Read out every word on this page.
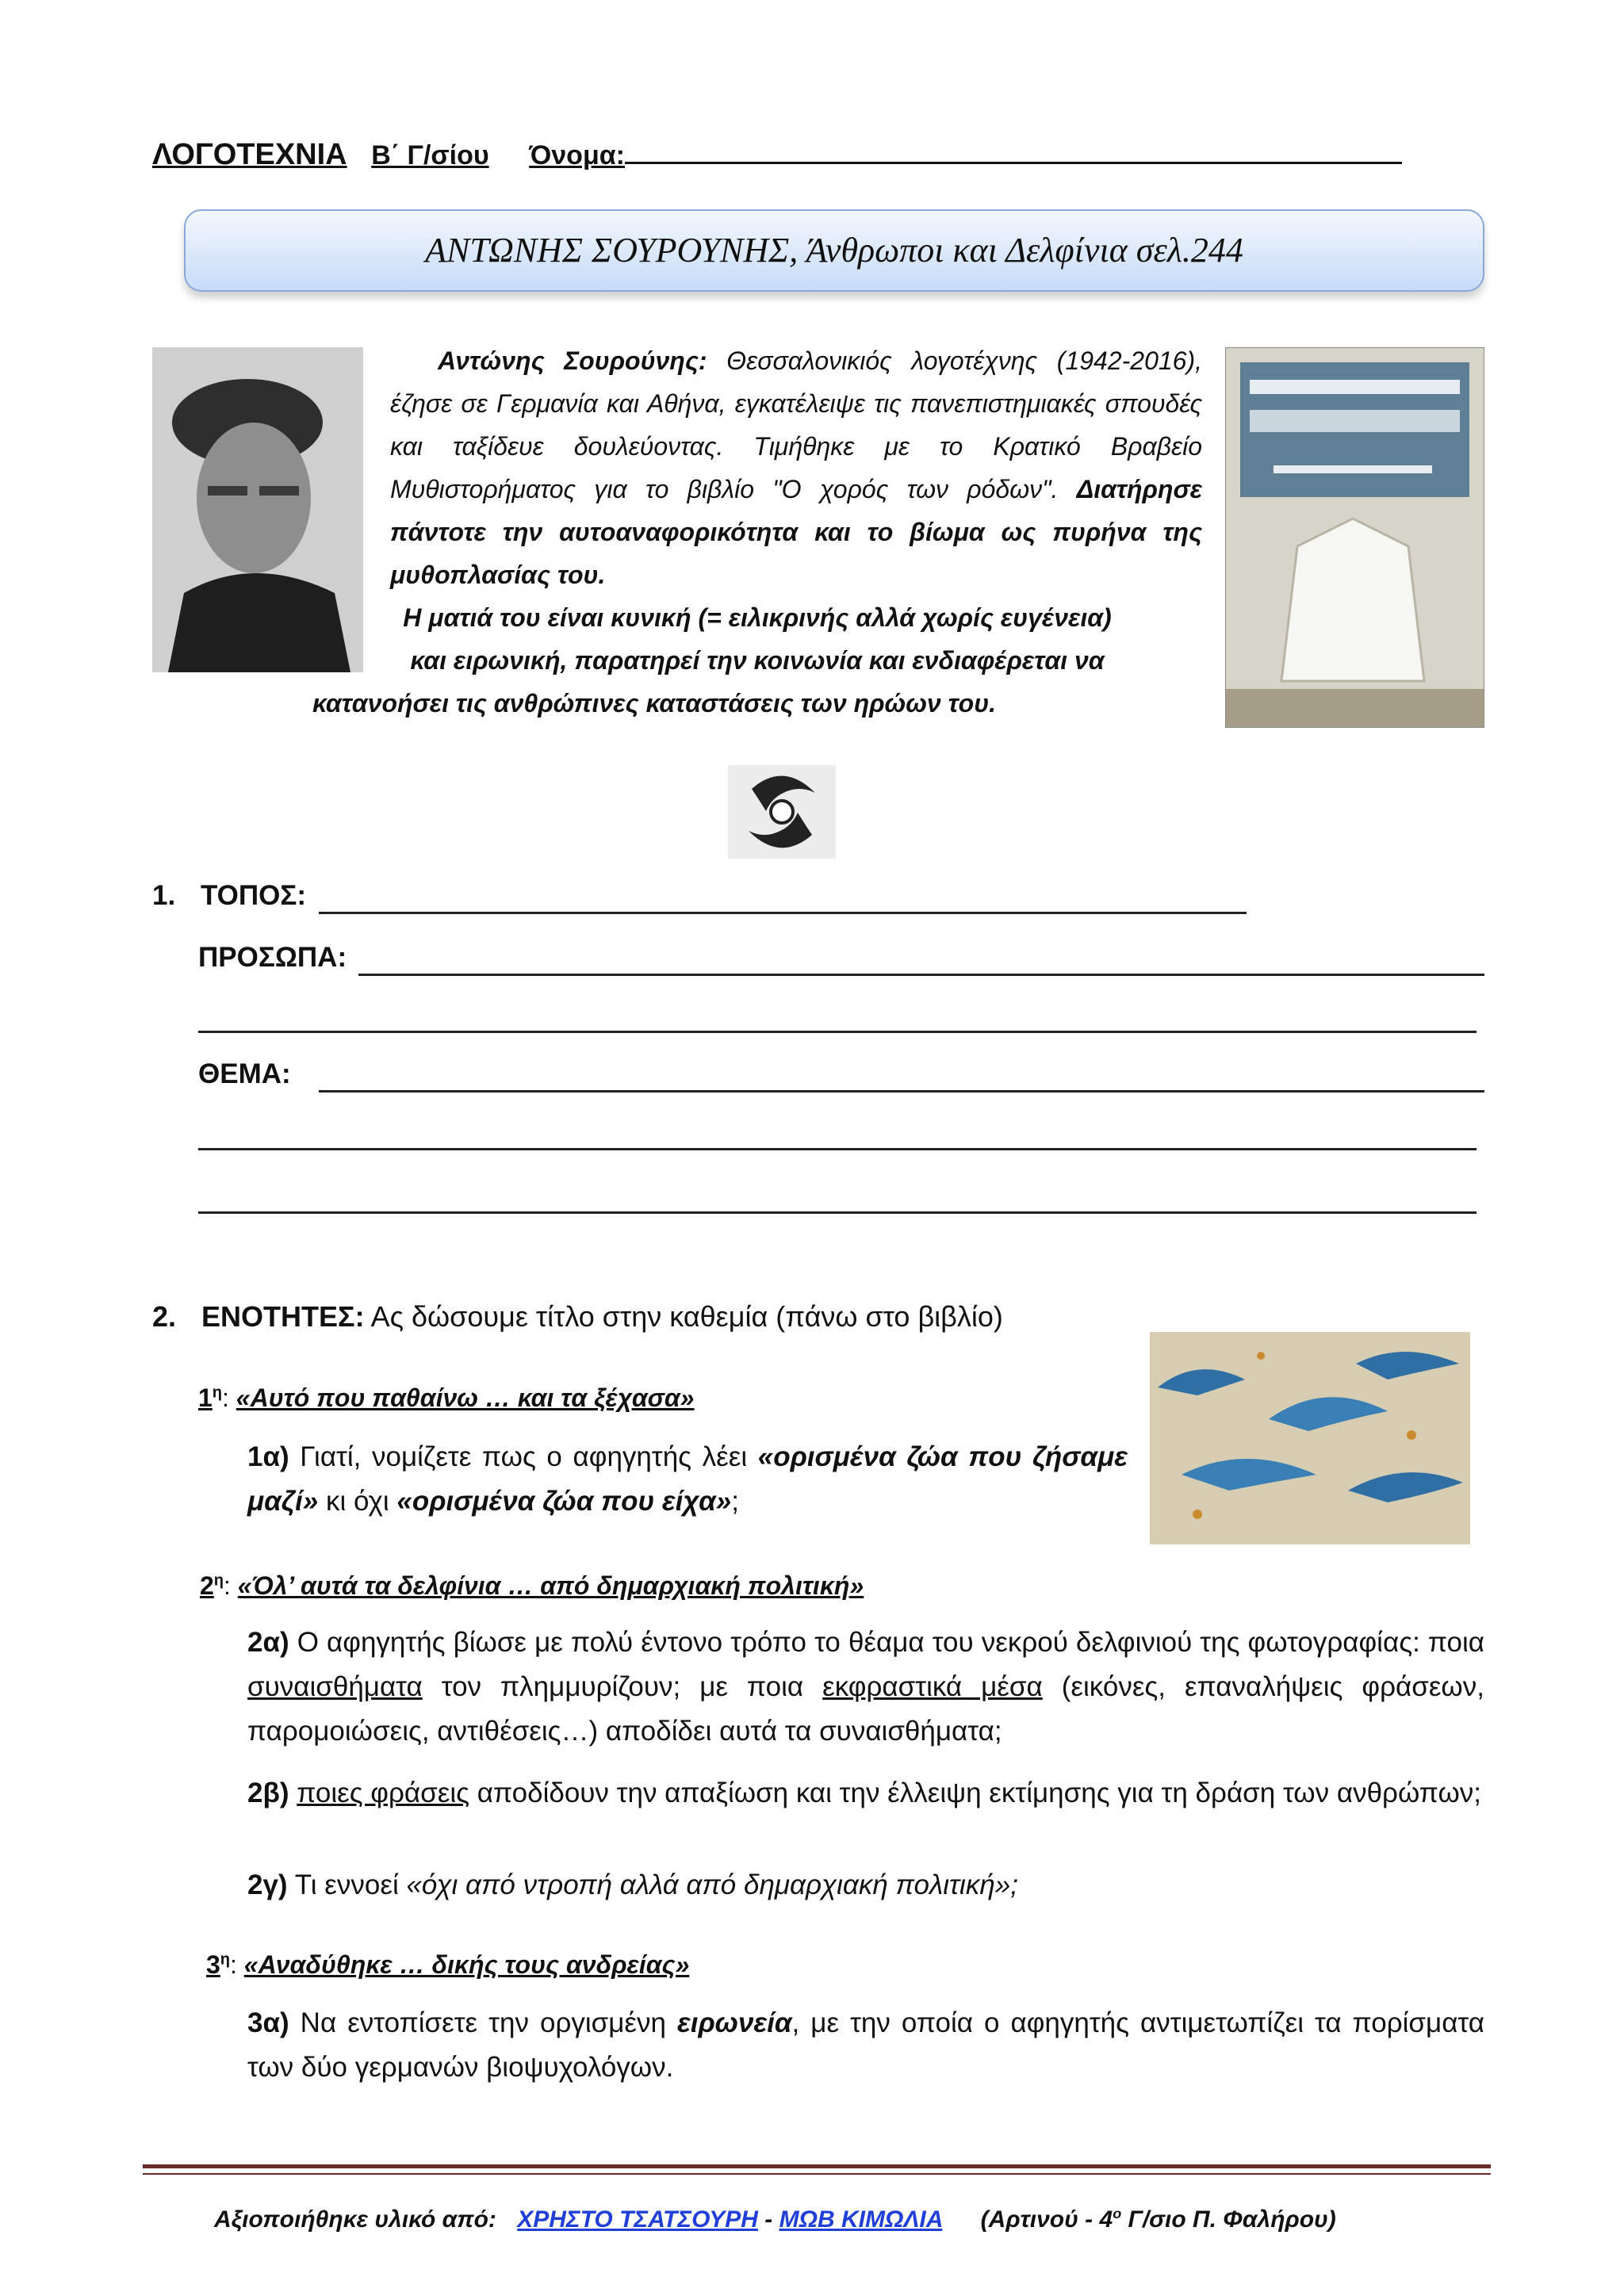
ΛΟΓΟΤΕΧΝΙΑ Β΄ Γ/σίου Όνομα:
ΑΝΤΩΝΗΣ ΣΟΥΡΟΥΝΗΣ, Άνθρωποι και Δελφίνια σελ.244
Αντώνης Σουρούνης: Θεσσαλονικιός λογοτέχνης (1942-2016), έζησε σε Γερμανία και Αθήνα, εγκατέλειψε τις πανεπιστημιακές σπουδές και ταξίδευε δουλεύοντας. Τιμήθηκε με το Κρατικό Βραβείο Μυθιστορήματος για το βιβλίο "Ο χορός των ρόδων". Διατήρησε πάντοτε την αυτοαναφορικότητα και το βίωμα ως πυρήνα της μυθοπλασίας του.
Η ματιά του είναι κυνική (= ειλικρινής αλλά χωρίς ευγένεια)
και ειρωνική, παρατηρεί την κοινωνία και ενδιαφέρεται να
κατανοήσει τις ανθρώπινες καταστάσεις των ηρώων του.
1. ΤΟΠΟΣ:
ΠΡΟΣΩΠΑ:
ΘΕΜΑ:
2. ΕΝΟΤΗΤΕΣ: Ας δώσουμε τίτλο στην καθεμία (πάνω στο βιβλίο)
$1^\eta$: «Αυτό που παθαίνω … και τα ξέχασα»
1α) Γιατί, νομίζετε πως ο αφηγητής λέει «ορισμένα ζώα που ζήσαμε μαζί» κι όχι «ορισμένα ζώα που είχα»;
$2^\eta$: «Όλ’ αυτά τα δελφίνια … από δημαρχιακή πολιτική»
2α) Ο αφηγητής βίωσε με πολύ έντονο τρόπο το θέαμα του νεκρού δελφινιού της φωτογραφίας: ποια συναισθήματα τον πλημμυρίζουν; με ποια εκφραστικά μέσα (εικόνες, επαναλήψεις φράσεων, παρομοιώσεις, αντιθέσεις…) αποδίδει αυτά τα συναισθήματα;
2β) ποιες φράσεις αποδίδουν την απαξίωση και την έλλειψη εκτίμησης για τη δράση των ανθρώπων;
2γ) Τι εννοεί «όχι από ντροπή αλλά από δημαρχιακή πολιτική»;
$3^\eta$: «Αναδύθηκε … δικής τους ανδρείας»
3α) Να εντοπίσετε την οργισμένη ειρωνεία, με την οποία ο αφηγητής αντιμετωπίζει τα πορίσματα των δύο γερμανών βιοψυχολόγων.
Αξιοποιήθηκε υλικό από: ΧΡΗΣΤΟ ΤΣΑΤΣΟΥΡΗ - ΜΩΒ ΚΙΜΩΛΙΑ ($A\rho\tau\iota\nu oύ - 4^o$ Γ/σιο Π. Φαλήρου)
